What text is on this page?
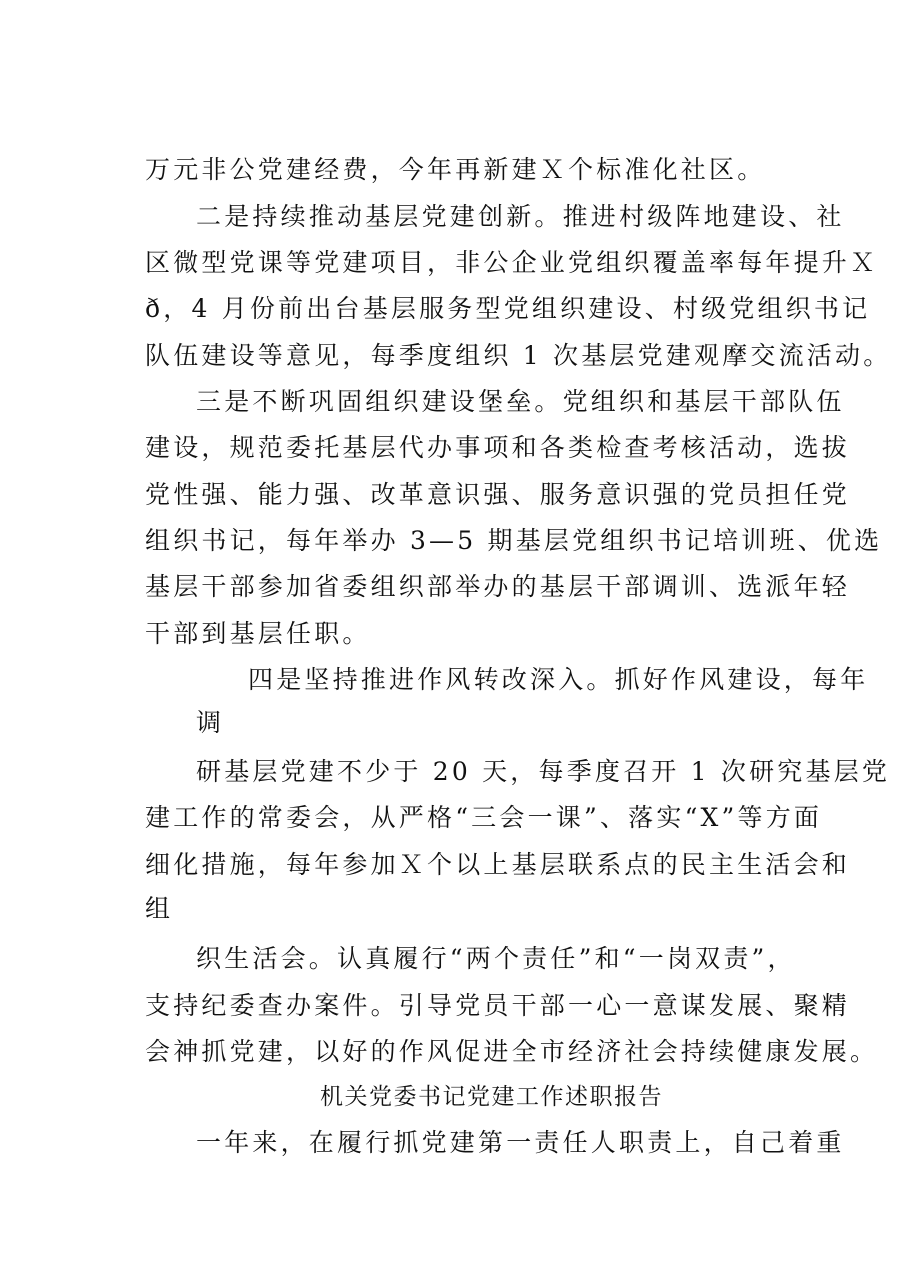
万元非公党建经费，今年再新建Ｘ个标准化社区。
二是持续推动基层党建创新。推进村级阵地建设、社
区微型党课等党建项目，非公企业党组织覆盖率每年提升Ｘ
ð，4 月份前出台基层服务型党组织建设、村级党组织书记
队伍建设等意见，每季度组织 1 次基层党建观摩交流活动。
三是不断巩固组织建设堡垒。党组织和基层干部队伍
建设，规范委托基层代办事项和各类检查考核活动，选拔
党性强、能力强、改革意识强、服务意识强的党员担任党
组织书记，每年举办 3—5 期基层党组织书记培训班、优选
基层干部参加省委组织部举办的基层干部调训、选派年轻
干部到基层任职。
四是坚持推进作风转改深入。抓好作风建设，每年
调
研基层党建不少于 20 天，每季度召开 1 次研究基层党
建工作的常委会，从严格“三会一课”、落实“X”等方面
细化措施，每年参加Ｘ个以上基层联系点的民主生活会和
组
织生活会。认真履行“两个责任”和“一岗双责”，
支持纪委查办案件。引导党员干部一心一意谋发展、聚精
会神抓党建，以好的作风促进全市经济社会持续健康发展。
机关党委书记党建工作述职报告
一年来，在履行抓党建第一责任人职责上，自己着重
